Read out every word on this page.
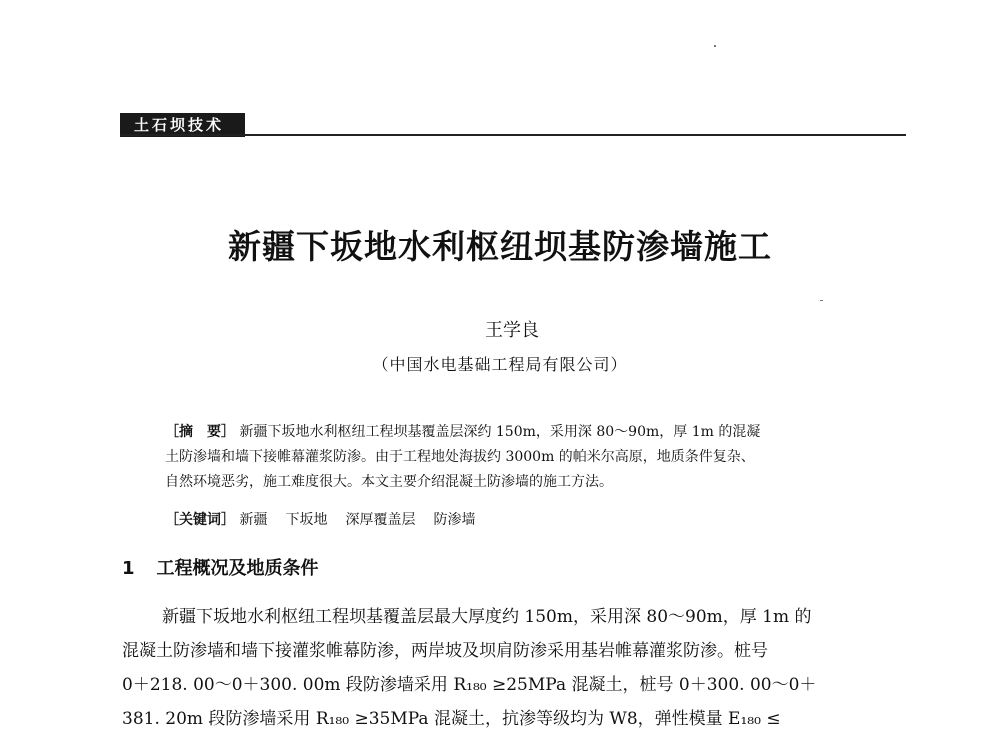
土石坝技术
新疆下坂地水利枢纽坝基防渗墙施工
王学良
（中国水电基础工程局有限公司）

［摘　要］ 新疆下坂地水利枢纽工程坝基覆盖层深约 150m，采用深 80～90m，厚 1m 的混凝

土防渗墙和墙下接帷幕灌浆防渗。由于工程地处海拔约 3000m 的帕米尔高原，地质条件复杂、

自然环境恶劣，施工难度很大。本文主要介绍混凝土防渗墙的施工方法。

［关键词］ 新疆 下坂地 深厚覆盖层 防渗墙
1 工程概况及地质条件

新疆下坂地水利枢纽工程坝基覆盖层最大厚度约 150m，采用深 80～90m，厚 1m 的

混凝土防渗墙和墙下接灌浆帷幕防渗，两岸坡及坝肩防渗采用基岩帷幕灌浆防渗。桩号

0＋218. 00～0＋300. 00m 段防渗墙采用 R₁₈₀ ≥25MPa 混凝土，桩号 0＋300. 00～0＋

381. 20m 段防渗墙采用 R₁₈₀ ≥35MPa 混凝土，抗渗等级均为 W8，弹性模量 E₁₈₀ ≤
